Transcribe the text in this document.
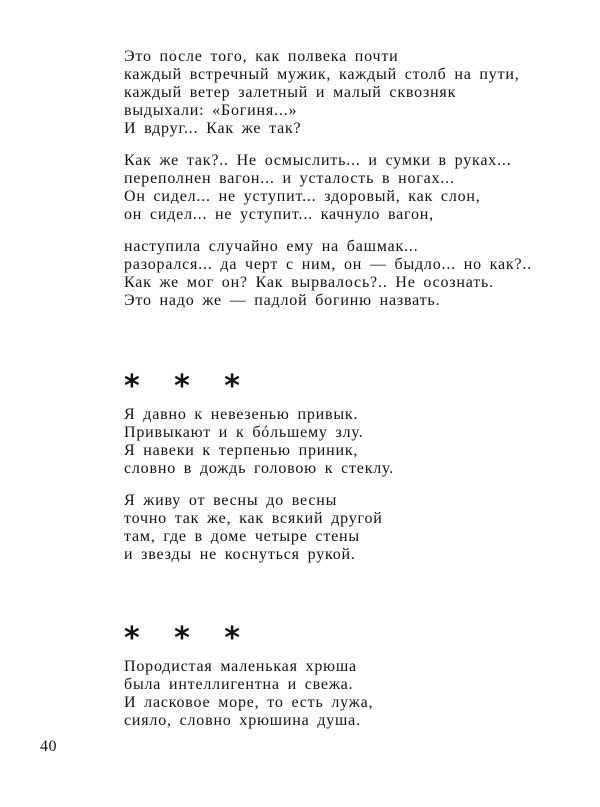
Это после того, как полвека почти
каждый встречный мужик, каждый столб на пути,
каждый ветер залетный и малый сквозняк
выдыхали: «Богиня...»
И вдруг... Как же так?
Как же так?.. Не осмыслить... и сумки в руках...
переполнен вагон... и усталость в ногах...
Он сидел... не уступит... здоровый, как слон,
он сидел... не уступит... качнуло вагон,
наступила случайно ему на башмак...
разорался... да черт с ним, он — быдло... но как?..
Как же мог он? Как вырвалось?.. Не осознать.
Это надо же — падлой богиню назвать.
* * *
Я давно к невезенью привык.
Привыкают и к бóльшему злу.
Я навеки к терпенью приник,
словно в дождь головою к стеклу.
Я живу от весны до весны
точно так же, как всякий другой
там, где в доме четыре стены
и звезды не коснуться рукой.
* * *
Породистая маленькая хрюша
была интеллигентна и свежа.
И ласковое море, то есть лужа,
сияло, словно хрюшина душа.
40
